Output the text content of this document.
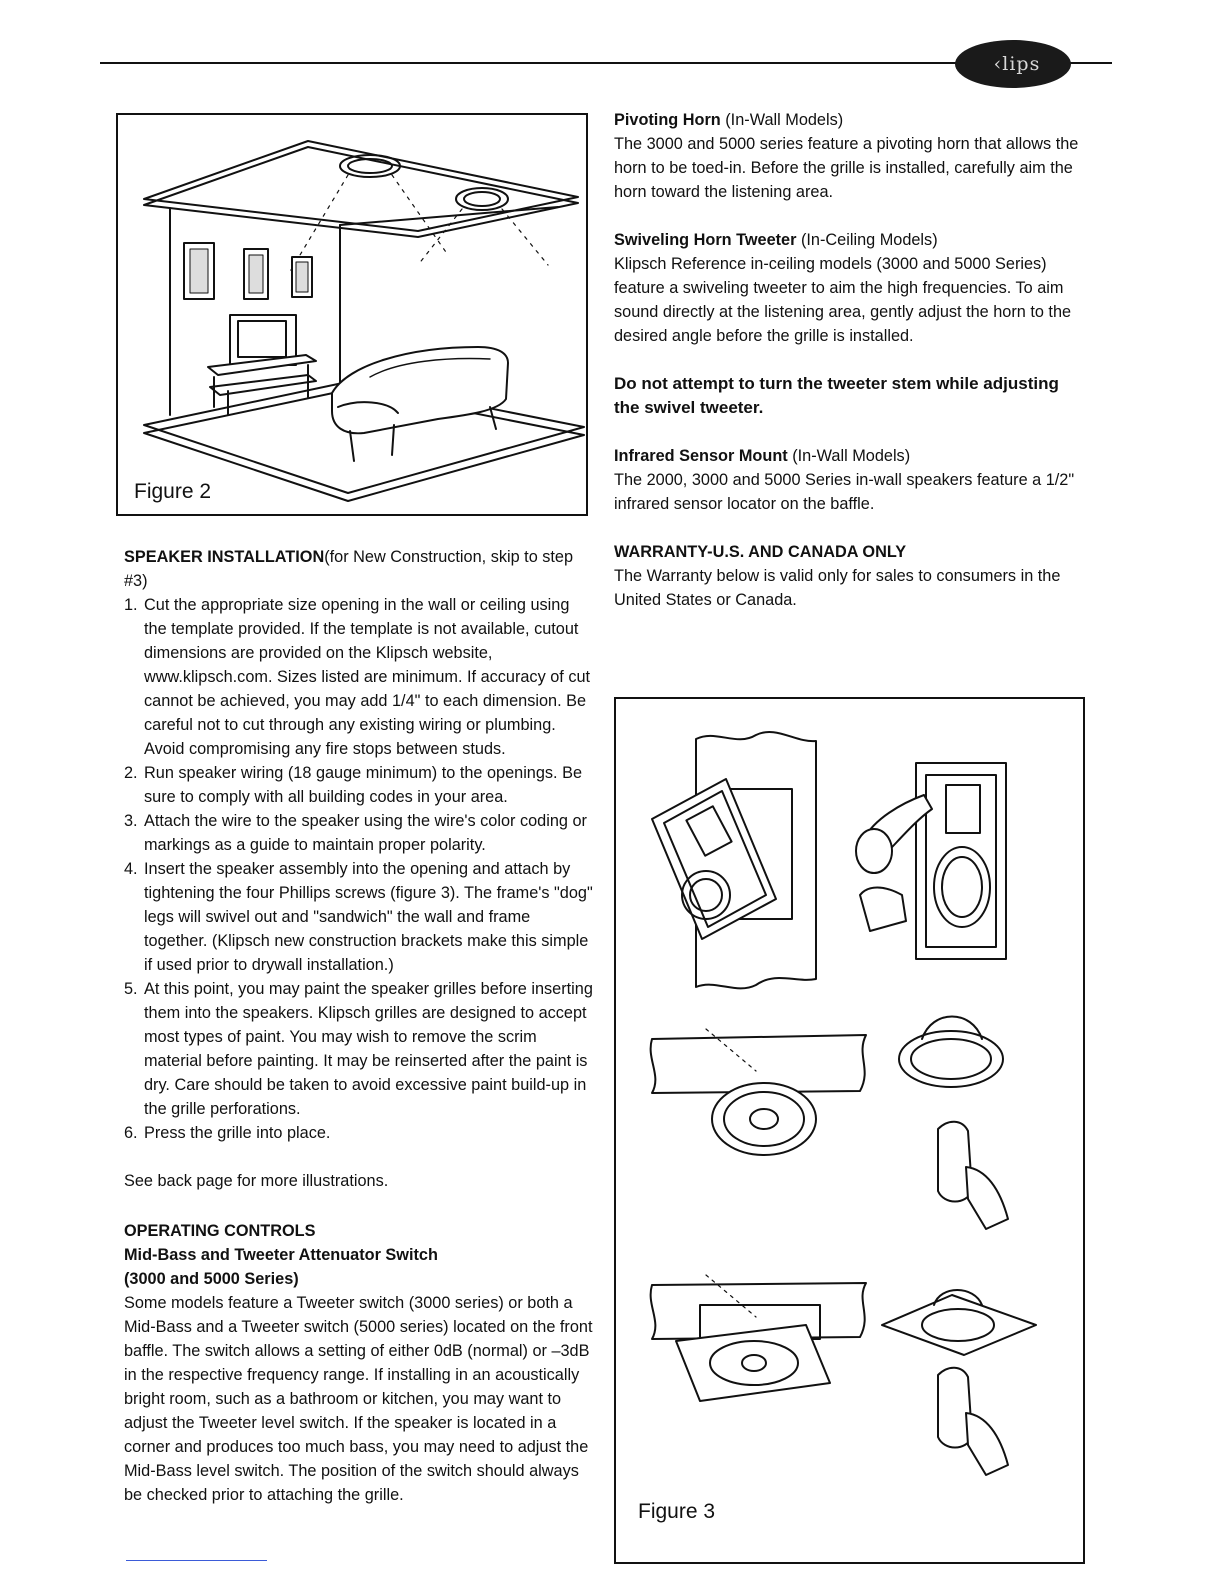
‹lips
Figure 2

SPEAKER INSTALLATION(for New Construction, skip to step #3)

1. Cut the appropriate size opening in the wall or ceiling using the template provided. If the template is not available, cutout dimensions are provided on the Klipsch website, www.klipsch.com. Sizes listed are minimum. If accuracy of cut cannot be achieved, you may add 1/4" to each dimension. Be careful not to cut through any existing wiring or plumbing. Avoid compromising any fire stops between studs.
2. Run speaker wiring (18 gauge minimum) to the openings. Be sure to comply with all building codes in your area.
3. Attach the wire to the speaker using the wire's color coding or markings as a guide to maintain proper polarity.
4. Insert the speaker assembly into the opening and attach by tightening the four Phillips screws (figure 3). The frame's "dog" legs will swivel out and "sandwich" the wall and frame together. (Klipsch new construction brackets make this simple if used prior to drywall installation.)
5. At this point, you may paint the speaker grilles before inserting them into the speakers. Klipsch grilles are designed to accept most types of paint. You may wish to remove the scrim material before painting. It may be reinserted after the paint is dry. Care should be taken to avoid excessive paint build-up in the grille perforations.
6. Press the grille into place.

See back page for more illustrations.

OPERATING CONTROLS

Mid-Bass and Tweeter Attenuator Switch

(3000 and 5000 Series)

Some models feature a Tweeter switch (3000 series) or both a Mid-Bass and a Tweeter switch (5000 series) located on the front baffle. The switch allows a setting of either 0dB (normal) or –3dB in the respective frequency range. If installing in an acoustically bright room, such as a bathroom or kitchen, you may want to adjust the Tweeter level switch. If the speaker is located in a corner and produces too much bass, you may need to adjust the Mid-Bass level switch. The position of the switch should always be checked prior to attaching the grille.

Pivoting Horn (In-Wall Models)

The 3000 and 5000 series feature a pivoting horn that allows the horn to be toed-in. Before the grille is installed, carefully aim the horn toward the listening area.

Swiveling Horn Tweeter (In-Ceiling Models)

Klipsch Reference in-ceiling models (3000 and 5000 Series) feature a swiveling tweeter to aim the high frequencies. To aim sound directly at the listening area, gently adjust the horn to the desired angle before the grille is installed.

Do not attempt to turn the tweeter stem while adjusting the swivel tweeter.

Infrared Sensor Mount (In-Wall Models)

The 2000, 3000 and 5000 Series in-wall speakers feature a 1/2" infrared sensor locator on the baffle.

WARRANTY-U.S. AND CANADA ONLY

The Warranty below is valid only for sales to consumers in the United States or Canada.

Figure 3
